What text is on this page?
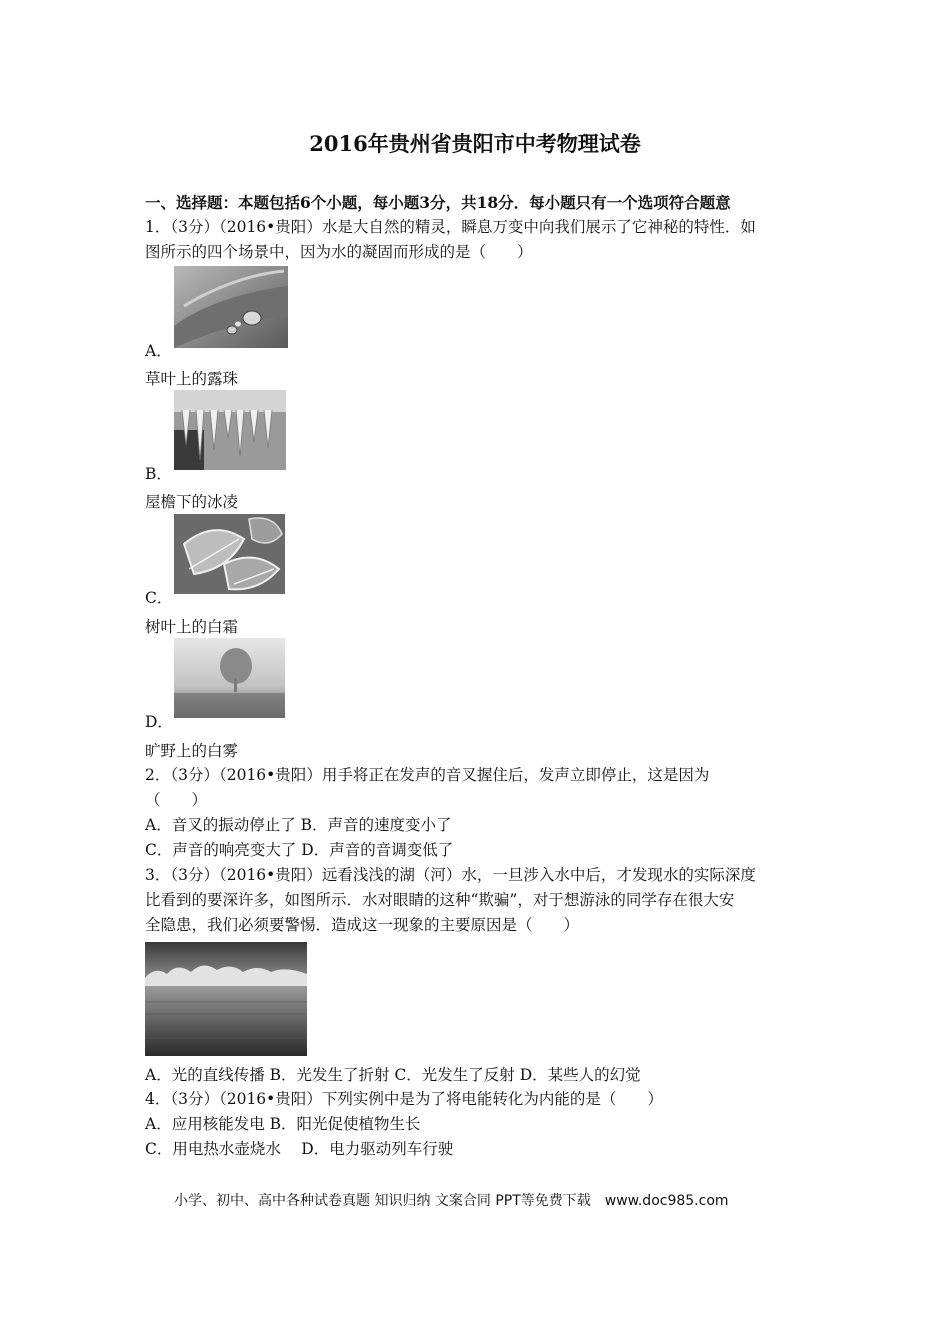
2016年贵州省贵阳市中考物理试卷
一、选择题：本题包括6个小题，每小题3分，共18分．每小题只有一个选项符合题意
1．（3分）（2016•贵阳）水是大自然的精灵，瞬息万变中向我们展示了它神秘的特性．如
图所示的四个场景中，因为水的凝固而形成的是（　　）
A．
草叶上的露珠
B．
屋檐下的冰凌
C．
树叶上的白霜
D．
旷野上的白雾
2．（3分）（2016•贵阳）用手将正在发声的音叉握住后，发声立即停止，这是因为
（　　）
A．音叉的振动停止了 B．声音的速度变小了
C．声音的响亮变大了 D．声音的音调变低了
3．（3分）（2016•贵阳）远看浅浅的湖（河）水，一旦涉入水中后，才发现水的实际深度
比看到的要深许多，如图所示．水对眼睛的这种“欺骗”，对于想游泳的同学存在很大安
全隐患，我们必须要警惕．造成这一现象的主要原因是（　　）
A．光的直线传播 B．光发生了折射 C．光发生了反射 D．某些人的幻觉
4．（3分）（2016•贵阳）下列实例中是为了将电能转化为内能的是（　　）
A．应用核能发电 B．阳光促使植物生长
C．用电热水壶烧水　 D．电力驱动列车行驶
小学、初中、高中各种试卷真题 知识归纳 文案合同 PPT等免费下载　www.doc985.com
